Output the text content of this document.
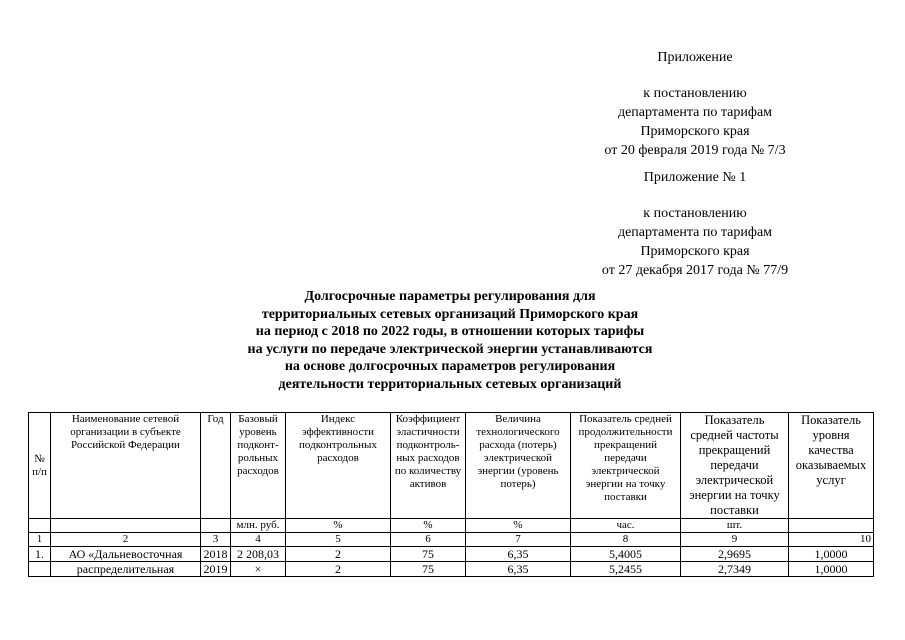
Приложение
к постановлению
департамента по тарифам
Приморского края
от 20 февраля 2019 года № 7/3
Приложение № 1
к постановлению
департамента по тарифам
Приморского края
от 27 декабря 2017 года № 77/9
Долгосрочные параметры регулирования для
территориальных сетевых организаций Приморского края
на период с 2018 по 2022 годы, в отношении которых тарифы
на услуги по передаче электрической энергии устанавливаются
на основе долгосрочных параметров регулирования
деятельности территориальных сетевых организаций
№ п/п	Наименование сетевой организации в субъекте Российской Федерации	Год	Базовый уровень подконт-рольных расходов	Индекс эффективности подконтрольных расходов	Коэффициент эластичности подконтроль-ных расходов по количеству активов	Величина технологического расхода (потерь) электрической энергии (уровень потерь)	Показатель средней продолжительности прекращений передачи электрической энергии на точку поставки	Показатель средней частоты прекращений передачи электрической энергии на точку поставки	Показатель уровня качества оказываемых услуг
			млн. руб.	%	%	%	час.	шт.	
1	2	3	4	5	6	7	8	9	10
1.	АО «Дальневосточная	2018	2 208,03	2	75	6,35	5,4005	2,9695	1,0000
	распределительная	2019	×	2	75	6,35	5,2455	2,7349	1,0000
